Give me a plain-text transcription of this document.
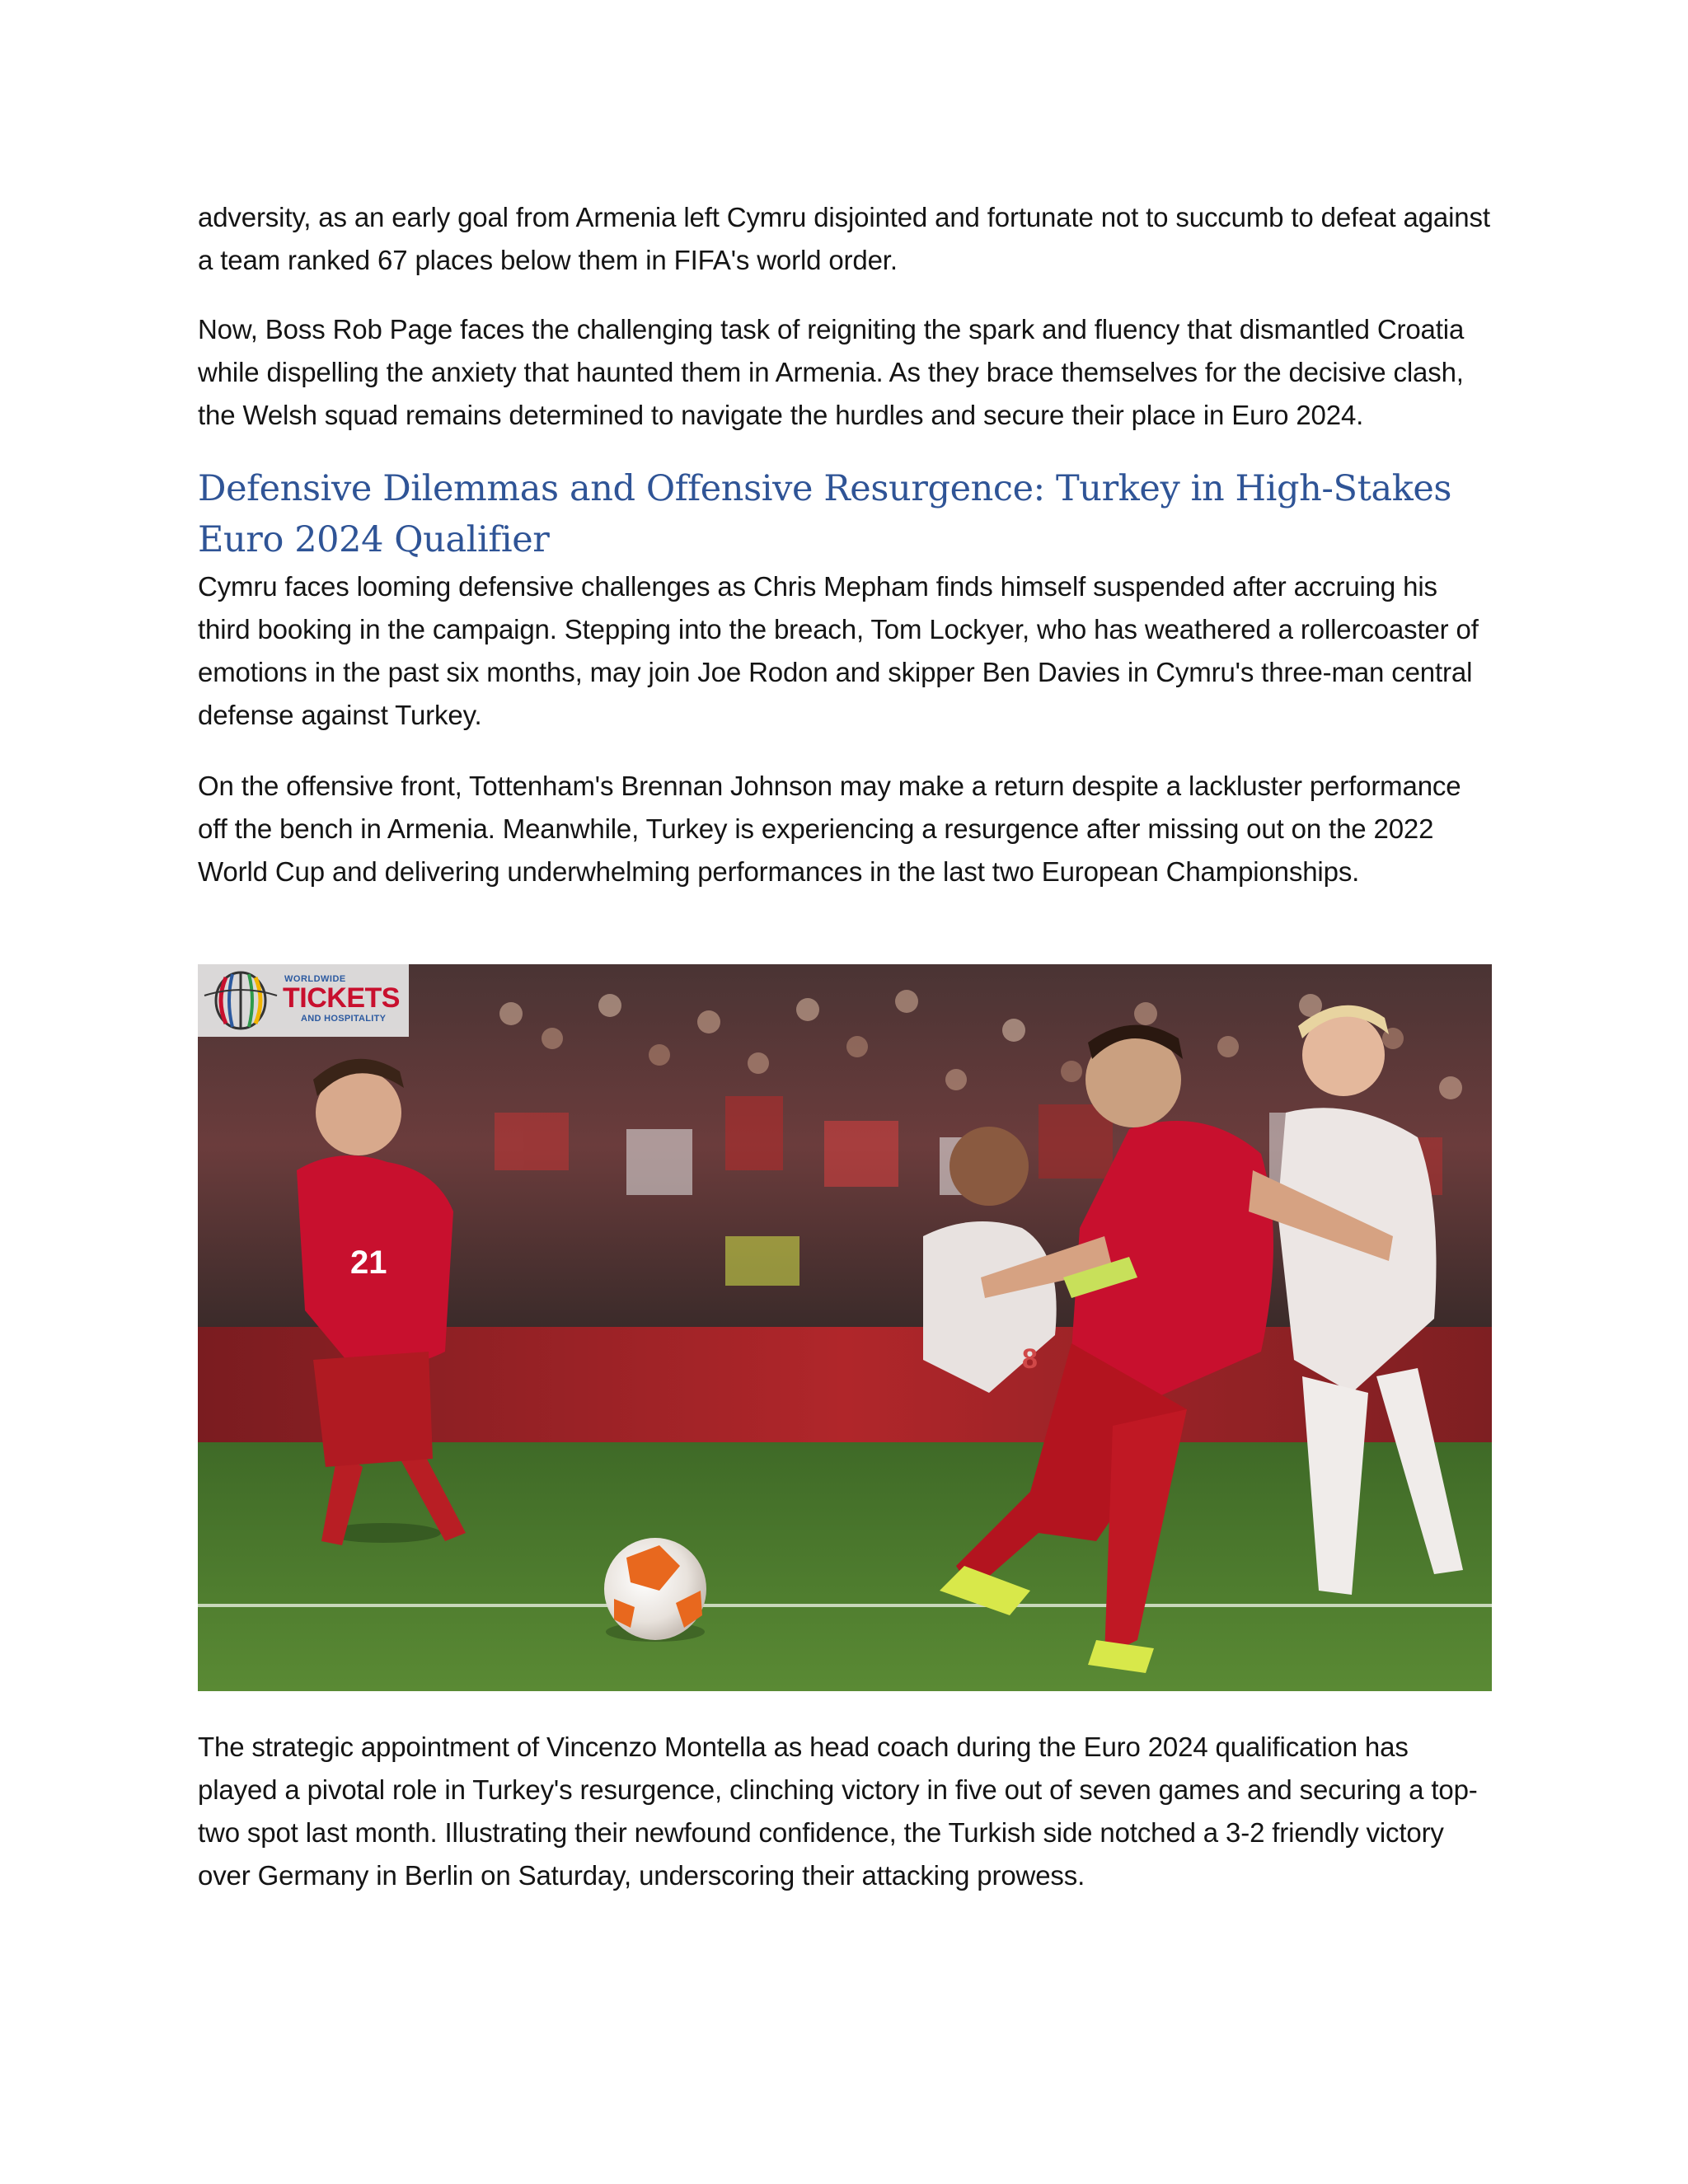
adversity, as an early goal from Armenia left Cymru disjointed and fortunate not to succumb to defeat against a team ranked 67 places below them in FIFA's world order.

Now, Boss Rob Page faces the challenging task of reigniting the spark and fluency that dismantled Croatia while dispelling the anxiety that haunted them in Armenia. As they brace themselves for the decisive clash, the Welsh squad remains determined to navigate the hurdles and secure their place in Euro 2024.

Defensive Dilemmas and Offensive Resurgence: Turkey in High-Stakes Euro 2024 Qualifier

Cymru faces looming defensive challenges as Chris Mepham finds himself suspended after accruing his third booking in the campaign. Stepping into the breach, Tom Lockyer, who has weathered a rollercoaster of emotions in the past six months, may join Joe Rodon and skipper Ben Davies in Cymru's three-man central defense against Turkey.

On the offensive front, Tottenham's Brennan Johnson may make a return despite a lackluster performance off the bench in Armenia. Meanwhile, Turkey is experiencing a resurgence after missing out on the 2022 World Cup and delivering underwhelming performances in the last two European Championships.

21
8
WORLDWIDE
TICKETS
AND HOSPITALITY

The strategic appointment of Vincenzo Montella as head coach during the Euro 2024 qualification has played a pivotal role in Turkey's resurgence, clinching victory in five out of seven games and securing a top-two spot last month. Illustrating their newfound confidence, the Turkish side notched a 3-2 friendly victory over Germany in Berlin on Saturday, underscoring their attacking prowess.
